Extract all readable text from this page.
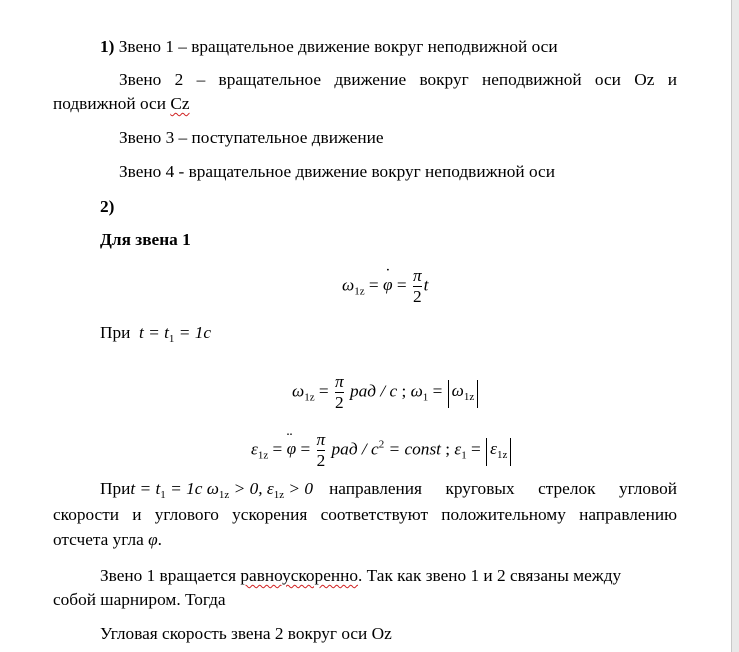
1) Звено 1 – вращательное движение вокруг неподвижной оси
Звено 2 – вращательное движение вокруг неподвижной оси Oz и
подвижной оси Cz
Звено 3 – поступательное движение
Звено 4 - вращательное движение вокруг неподвижной оси
2)
Для звена 1
$\omega_{1z}$ = ˙ $\varphi = \frac{\pi}{2}$ t
При $t = t_1 = 1c$
$\omega_{1z} = \frac{\pi}{2}$ рад / c ; $\omega_1 = \omega_{1z}$
$\varepsilon_{1z}$ = ¨ $\varphi = \frac{\pi}{2}$ рад / $c^2$ = const ; $\varepsilon_1 = \varepsilon_{1z}$
При $t = t_1 = 1c$ $\omega_{1z} > 0$, $\varepsilon_{1z} > 0$ направления круговых стрелок угловой
скорости и углового ускорения соответствуют положительному направлению
отсчета угла φ.
Звено 1 вращается равноускоренно. Так как звено 1 и 2 связаны между
собой шарниром. Тогда
Угловая скорость звена 2 вокруг оси Oz
